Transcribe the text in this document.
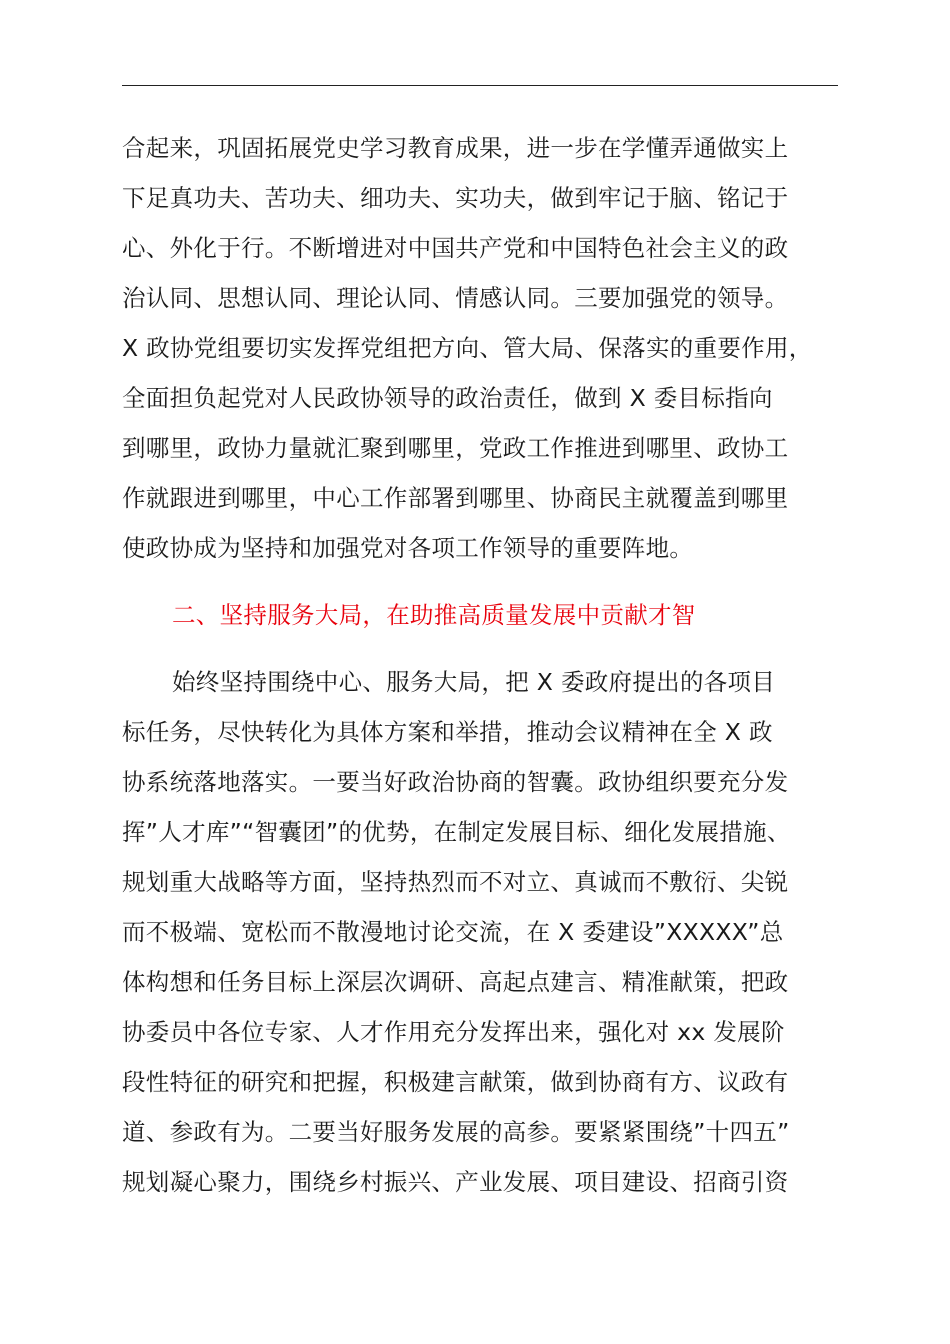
合起来，巩固拓展党史学习教育成果，进一步在学懂弄通做实上
下足真功夫、苦功夫、细功夫、实功夫，做到牢记于脑、铭记于
心、外化于行。不断增进对中国共产党和中国特色社会主义的政
治认同、思想认同、理论认同、情感认同。三要加强党的领导。
X 政协党组要切实发挥党组把方向、管大局、保落实的重要作用，
全面担负起党对人民政协领导的政治责任，做到 X 委目标指向
到哪里，政协力量就汇聚到哪里，党政工作推进到哪里、政协工
作就跟进到哪里，中心工作部署到哪里、协商民主就覆盖到哪里
使政协成为坚持和加强党对各项工作领导的重要阵地。
二、坚持服务大局，在助推高质量发展中贡献才智
始终坚持围绕中心、服务大局，把 X 委政府提出的各项目
标任务，尽快转化为具体方案和举措，推动会议精神在全 X 政
协系统落地落实。一要当好政治协商的智囊。政协组织要充分发
挥”人才库”“智囊团”的优势，在制定发展目标、细化发展措施、
规划重大战略等方面，坚持热烈而不对立、真诚而不敷衍、尖锐
而不极端、宽松而不散漫地讨论交流，在 X 委建设”XXXXX”总
体构想和任务目标上深层次调研、高起点建言、精准献策，把政
协委员中各位专家、人才作用充分发挥出来，强化对 xx 发展阶
段性特征的研究和把握，积极建言献策，做到协商有方、议政有
道、参政有为。二要当好服务发展的高参。要紧紧围绕”十四五”
规划凝心聚力，围绕乡村振兴、产业发展、项目建设、招商引资
